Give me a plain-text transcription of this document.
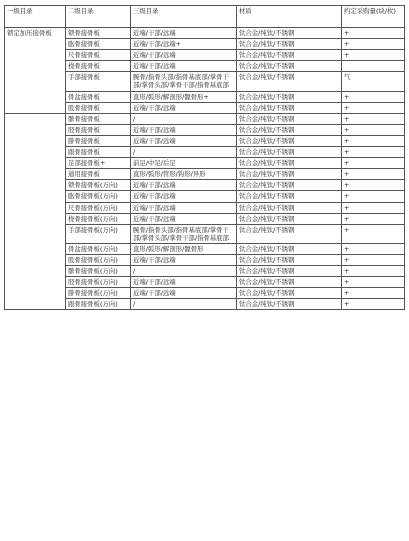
一级目录	二级目录	三级目录	材质	约定采购量(块/枚)
锁定加压接骨板	锁骨接骨板	近端/干部/远端	钛合金/纯钛/不锈钢	+
	肱骨接骨板	近端/干部/远端+	钛合金/纯钛/不锈钢	+
	尺骨接骨板	近端/干部/远端	钛合金/纯钛/不锈钢	+
	桡骨接骨板	近端/干部/远端	钛合金/纯钛/不锈钢	
	手部接骨板	腕骨/指骨头部/指骨基底部/掌骨干部/掌骨头部/掌骨干部/指骨基底部	钛合金/纯钛/不锈钢	气
	骨盆接骨板	直形/弧形/解剖形/髋骨形+	钛合金/纯钛/不锈钢	+
	股骨接骨板	近端/干部/远端	钛合金/纯钛/不锈钢	+
	髌骨接骨板	/	钛合金/纯钛/不锈钢	+
	胫骨接骨板	近端/干部/远端	钛合金/纯钛/不锈钢	+
	腓骨接骨板	近端/干部/远端	钛合金/纯钛/不锈钢	+
	跟骨接骨板	/	钛合金/纯钛/不锈钢	+
	足部接骨板+	前足/中足/后足	钛合金/纯钛/不锈钢	+
	通用接骨板	直形/弧形/管形/钩形/异形	钛合金/纯钛/不锈钢	+
	锁骨接骨板(万向)	近端/干部/远端	钛合金/纯钛/不锈钢	+
	肱骨接骨板(万向)	近端/干部/远端	钛合金/纯钛/不锈钢	+
	尺骨接骨板(万向)	近端/干部/远端	钛合金/纯钛/不锈钢	+
	桡骨接骨板(万向)	近端/干部/远端	钛合金/纯钛/不锈钢	+
	手部接骨板(万向)	腕骨/指骨头部/指骨基底部/掌骨干部/掌骨头部/掌骨干部/指骨基底部	钛合金/纯钛/不锈钢	+
	骨盆接骨板(万向)	直形/弧形/解剖形/髋骨形	钛合金/纯钛/不锈钢	+
	股骨接骨板(万向)	近端/干部/远端	钛合金/纯钛/不锈钢	+
	髌骨接骨板(万向)	/	钛合金/纯钛/不锈钢	+
	胫骨接骨板(万向)	近端/干部/远端	钛合金/纯钛/不锈钢	+
	腓骨接骨板(万向)	近端/干部/远端	钛合金/纯钛/不锈钢	+
	跟骨接骨板(万向)	/	钛合金/纯钛/不锈钢	+
